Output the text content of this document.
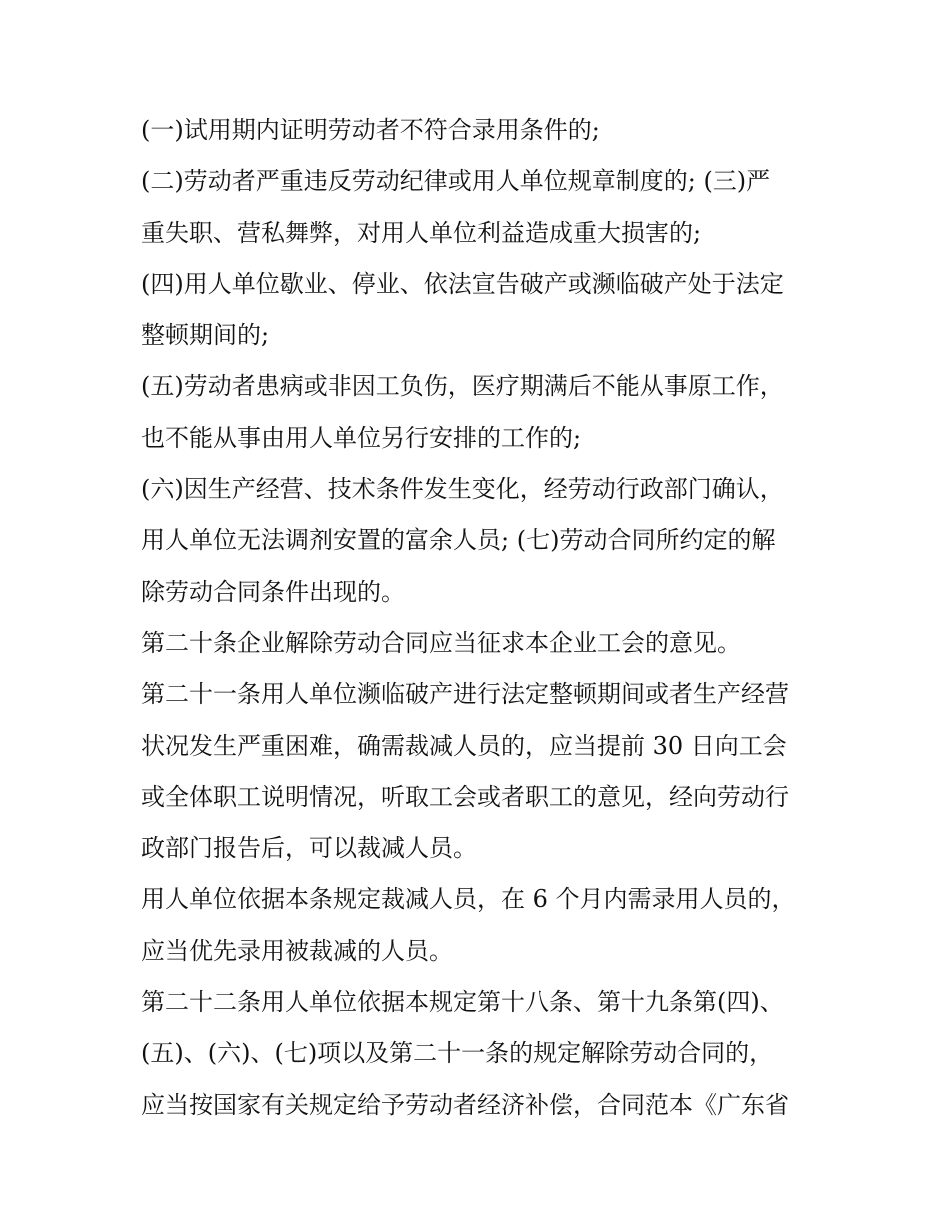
(一)试用期内证明劳动者不符合录用条件的;
(二)劳动者严重违反劳动纪律或用人单位规章制度的; (三)严
重失职、营私舞弊，对用人单位利益造成重大损害的;
(四)用人单位歇业、停业、依法宣告破产或濒临破产处于法定
整顿期间的;
(五)劳动者患病或非因工负伤，医疗期满后不能从事原工作，
也不能从事由用人单位另行安排的工作的;
(六)因生产经营、技术条件发生变化，经劳动行政部门确认，
用人单位无法调剂安置的富余人员; (七)劳动合同所约定的解
除劳动合同条件出现的。
第二十条企业解除劳动合同应当征求本企业工会的意见。
第二十一条用人单位濒临破产进行法定整顿期间或者生产经营
状况发生严重困难，确需裁减人员的，应当提前 30 日向工会
或全体职工说明情况，听取工会或者职工的意见，经向劳动行
政部门报告后，可以裁减人员。
用人单位依据本条规定裁减人员，在 6 个月内需录用人员的，
应当优先录用被裁减的人员。
第二十二条用人单位依据本规定第十八条、第十九条第(四)、
(五)、(六)、(七)项以及第二十一条的规定解除劳动合同的，
应当按国家有关规定给予劳动者经济补偿，合同范本《广东省
